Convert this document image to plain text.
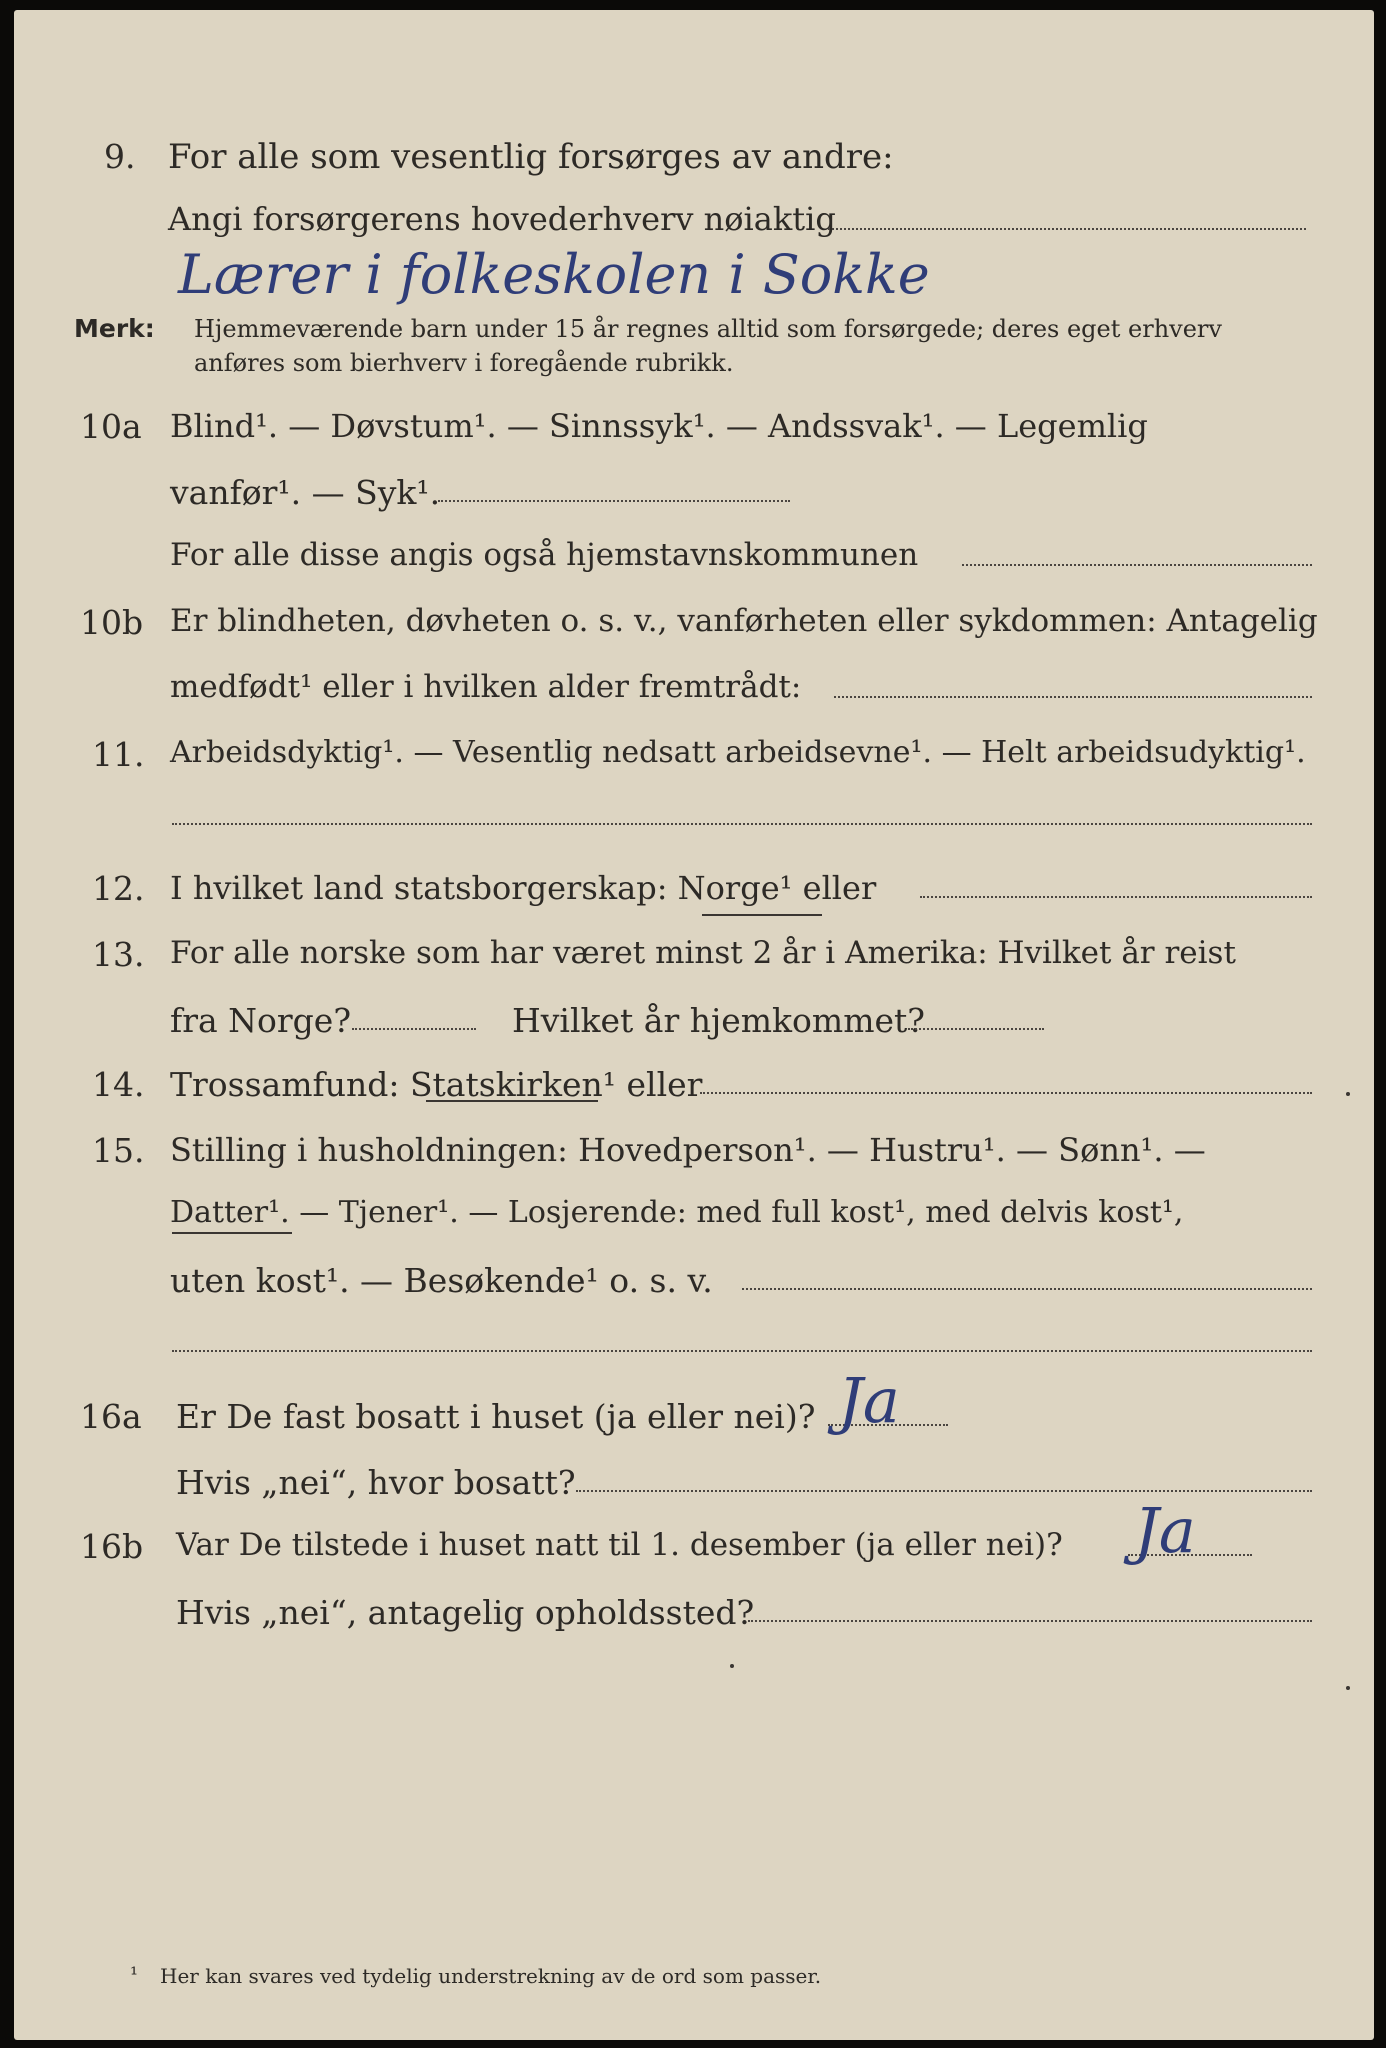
9. For alle som vesentlig forsørges av andre:
Angi forsørgerens hovederhverv nøiaktig
Lærer i folkeskolen i Sokke
Merk: Hjemmeværende barn under 15 år regnes alltid som forsørgede; deres eget erhverv
anføres som bierhverv i foregående rubrikk.
10a Blind¹. — Døvstum¹. — Sinnssyk¹. — Andssvak¹. — Legemlig
vanfør¹. — Syk¹.
For alle disse angis også hjemstavnskommunen
10b Er blindheten, døvheten o. s. v., vanførheten eller sykdommen: Antagelig
medfødt¹ eller i hvilken alder fremtrådt:
11. Arbeidsdyktig¹. — Vesentlig nedsatt arbeidsevne¹. — Helt arbeidsudyktig¹.
12. I hvilket land statsborgerskap: Norge¹ eller
13. For alle norske som har været minst 2 år i Amerika: Hvilket år reist
fra Norge?	Hvilket år hjemkommet?
14. Trossamfund: Statskirken¹ eller
15. Stilling i husholdningen: Hovedperson¹. — Hustru¹. — Sønn¹. —
Datter¹. — Tjener¹. — Losjerende: med full kost¹, med delvis kost¹,
uten kost¹. — Besøkende¹ o. s. v.
16a Er De fast bosatt i huset (ja eller nei)? Ja
Hvis „nei“, hvor bosatt?
16b Var De tilstede i huset natt til 1. desember (ja eller nei)? Ja
Hvis „nei“, antagelig opholdssted?
¹ Her kan svares ved tydelig understrekning av de ord som passer.
